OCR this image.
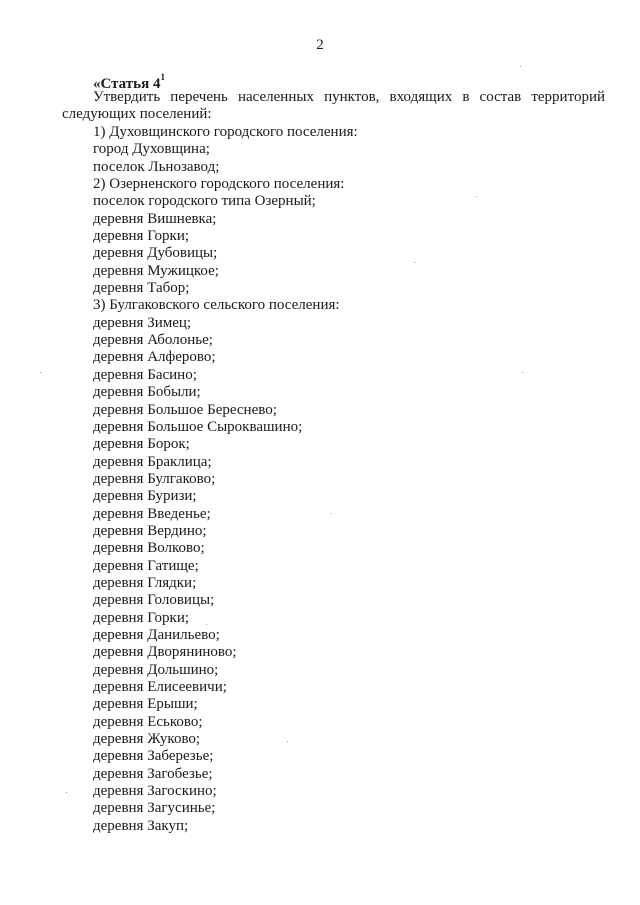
2
«Статья $4^1$
Утвердить перечень населенных пунктов, входящих в состав территорий следующих поселений:
1) Духовщинского городского поселения:
город Духовщина;
поселок Льнозавод;
2) Озерненского городского поселения:
поселок городского типа Озерный;
деревня Вишневка;
деревня Горки;
деревня Дубовицы;
деревня Мужицкое;
деревня Табор;
3) Булгаковского сельского поселения:
деревня Зимец;
деревня Аболонье;
деревня Алферово;
деревня Басино;
деревня Бобыли;
деревня Большое Береснево;
деревня Большое Сыроквашино;
деревня Борок;
деревня Браклица;
деревня Булгаково;
деревня Буризи;
деревня Введенье;
деревня Вердино;
деревня Волково;
деревня Гатище;
деревня Глядки;
деревня Головицы;
деревня Горки;
деревня Данильево;
деревня Дворянинoво;
деревня Дольшино;
деревня Елисеевичи;
деревня Ерыши;
деревня Еськово;
деревня Жуково;
деревня Заберезье;
деревня Загобезье;
деревня Загоскино;
деревня Загусинье;
деревня Закуп;
